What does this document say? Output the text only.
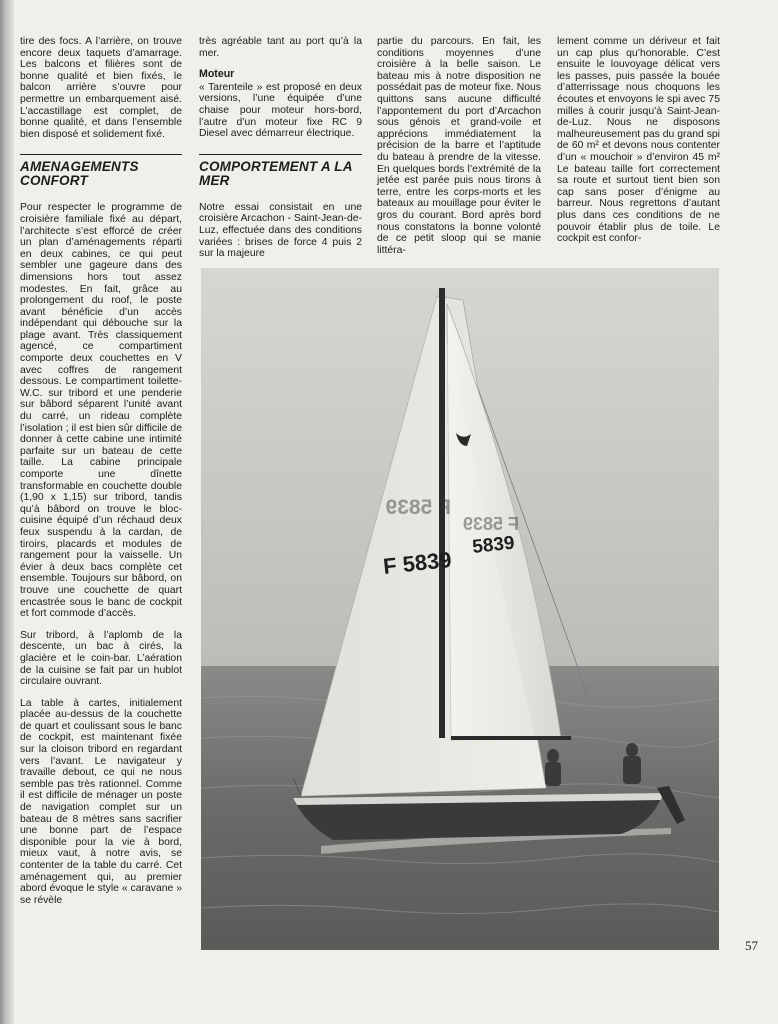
tire des focs. A l’arrière, on trouve encore deux taquets d’amarrage. Les balcons et filières sont de bonne qualité et bien fixés, le balcon arrière s’ouvre pour permettre un embarquement aisé. L’accastillage est complet, de bonne qualité, et dans l’ensemble bien disposé et solidement fixé.

AMENAGEMENTS CONFORT

Pour respecter le programme de croisière familiale fixé au départ, l’architecte s’est efforcé de créer un plan d’aménagements réparti en deux cabines, ce qui peut sembler une gageure dans des dimensions hors tout assez modestes. En fait, grâce au prolongement du roof, le poste avant bénéficie d’un accès indépendant qui débouche sur la plage avant. Très classiquement agencé, ce compartiment comporte deux couchettes en V avec coffres de rangement dessous. Le compartiment toilette-W.C. sur tribord et une penderie sur bâbord séparent l’unité avant du carré, un rideau complète l’isolation ; il est bien sûr difficile de donner à cette cabine une intimité parfaite sur un bateau de cette taille. La cabine principale comporte une dînette transformable en couchette double (1,90 x 1,15) sur tribord, tandis qu’à bâbord on trouve le bloc-cuisine équipé d’un réchaud deux feux suspendu à la cardan, de tiroirs, placards et modules de rangement pour la vaisselle. Un évier à deux bacs complète cet ensemble. Toujours sur bâbord, on trouve une couchette de quart encastrée sous le banc de cockpit et fort commode d’accès.

Sur tribord, à l’aplomb de la descente, un bac à cirés, la glacière et le coin-bar. L’aération de la cuisine se fait par un hublot circulaire ouvrant.

La table à cartes, initialement placée au-dessus de la couchette de quart et coulissant sous le banc de cockpit, est maintenant fixée sur la cloison tribord en regardant vers l’avant. Le navigateur y travaille debout, ce qui ne nous semble pas très rationnel. Comme il est difficile de ménager un poste de navigation complet sur un bateau de 8 mètres sans sacrifier une bonne part de l’espace disponible pour la vie à bord, mieux vaut, à notre avis, se contenter de la table du carré. Cet aménagement qui, au premier abord évoque le style « caravane » se révèle

très agréable tant au port qu’à la mer.

Moteur

« Tarenteile » est proposé en deux versions, l’une équipée d’une chaise pour moteur hors-bord, l’autre d’un moteur fixe RC 9 Diesel avec démarreur électrique.

COMPORTEMENT A LA MER

Notre essai consistait en une croisière Arcachon - Saint-Jean-de-Luz, effectuée dans des conditions variées : brises de force 4 puis 2 sur la majeure

partie du parcours. En fait, les conditions moyennes d’une croisière à la belle saison. Le bateau mis à notre disposition ne possédait pas de moteur fixe. Nous quittons sans aucune difficulté l’appontement du port d’Arcachon sous génois et grand-voile et apprécions immédiatement la précision de la barre et l’aptitude du bateau à prendre de la vitesse. En quelques bords l’extrémité de la jetée est parée puis nous tirons à terre, entre les corps-morts et les bateaux au mouillage pour éviter le gros du courant. Bord après bord nous constatons la bonne volonté de ce petit sloop qui se manie littéra-

lement comme un dériveur et fait un cap plus qu’honorable. C’est ensuite le louvoyage délicat vers les passes, puis passée la bouée d’atterrissage nous choquons les écoutes et envoyons le spi avec 75 milles à courir jusqu’à Saint-Jean-de-Luz. Nous ne disposons malheureusement pas du grand spi de 60 m² et devons nous contenter d’un « mouchoir » d’environ 45 m² Le bateau taille fort correctement sa route et surtout tient bien son cap sans poser d’énigme au barreur. Nous regrettons d’autant plus dans ces conditions de ne pouvoir établir plus de toile. Le cockpit est confor-

F 5839
F 5839
F 5839
5839
57
